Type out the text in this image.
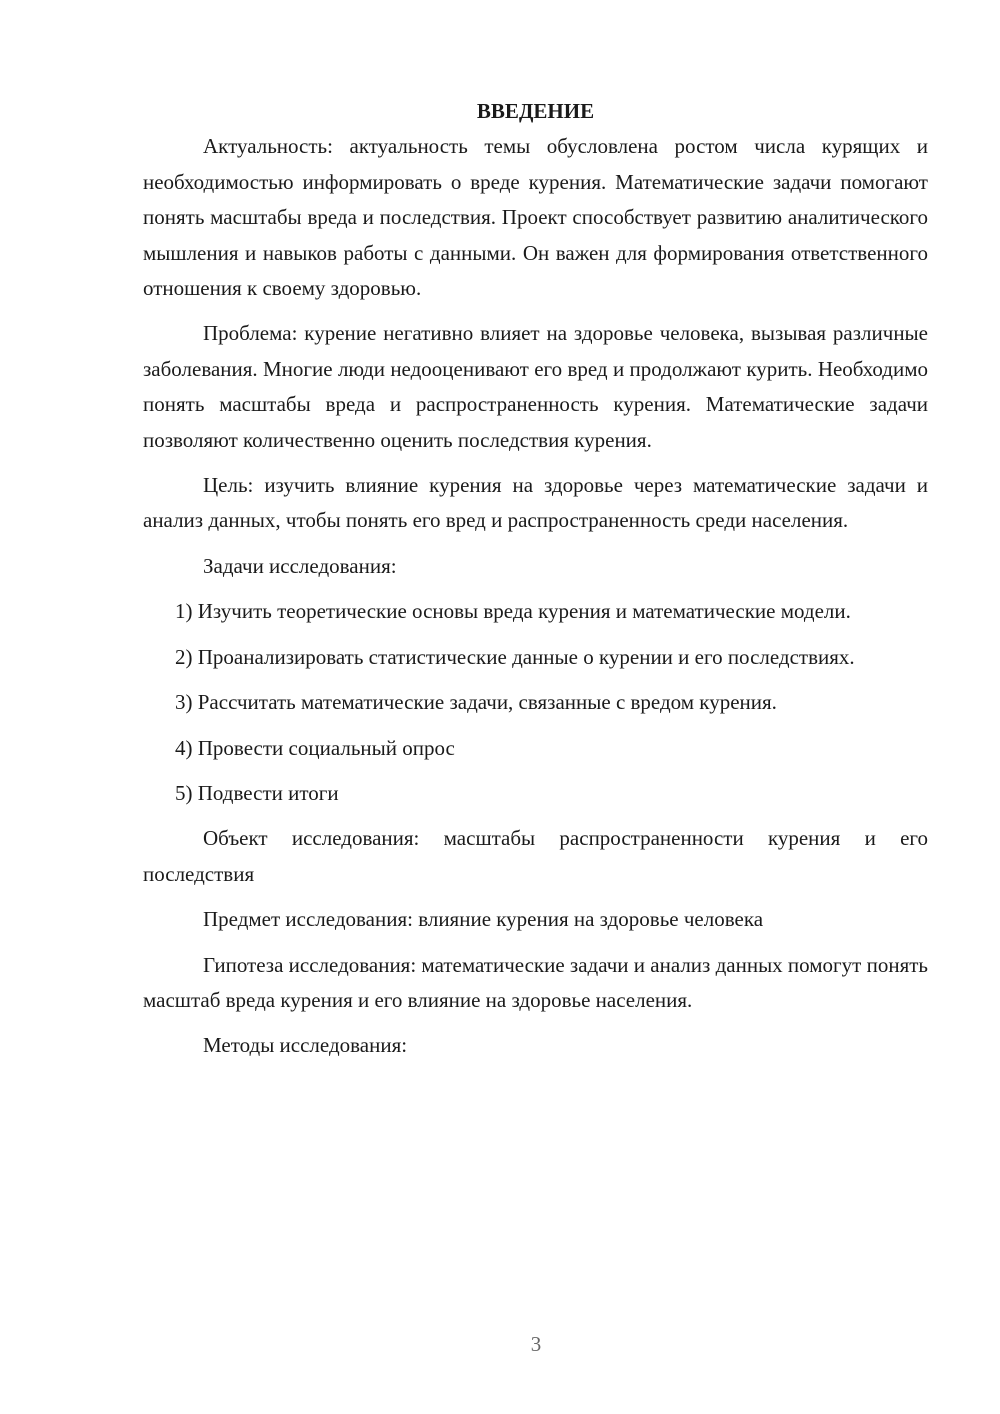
ВВЕДЕНИЕ

Актуальность: актуальность темы обусловлена ростом числа курящих и необходимостью информировать о вреде курения. Математические задачи помогают понять масштабы вреда и последствия. Проект способствует развитию аналитического мышления и навыков работы с данными. Он важен для формирования ответственного отношения к своему здоровью.

Проблема: курение негативно влияет на здоровье человека, вызывая различные заболевания. Многие люди недооценивают его вред и продолжают курить. Необходимо понять масштабы вреда и распространенность курения. Математические задачи позволяют количественно оценить последствия курения.

Цель: изучить влияние курения на здоровье через математические задачи и анализ данных, чтобы понять его вред и распространенность среди населения.

Задачи исследования:

1) Изучить теоретические основы вреда курения и математические модели.

2) Проанализировать статистические данные о курении и его последствиях.

3) Рассчитать математические задачи, связанные с вредом курения.

4) Провести социальный опрос

5) Подвести итоги

Объект исследования: масштабы распространенности курения и его последствия

Предмет исследования: влияние курения на здоровье человека

Гипотеза исследования: математические задачи и анализ данных помогут понять масштаб вреда курения и его влияние на здоровье населения.

Методы исследования:

3
